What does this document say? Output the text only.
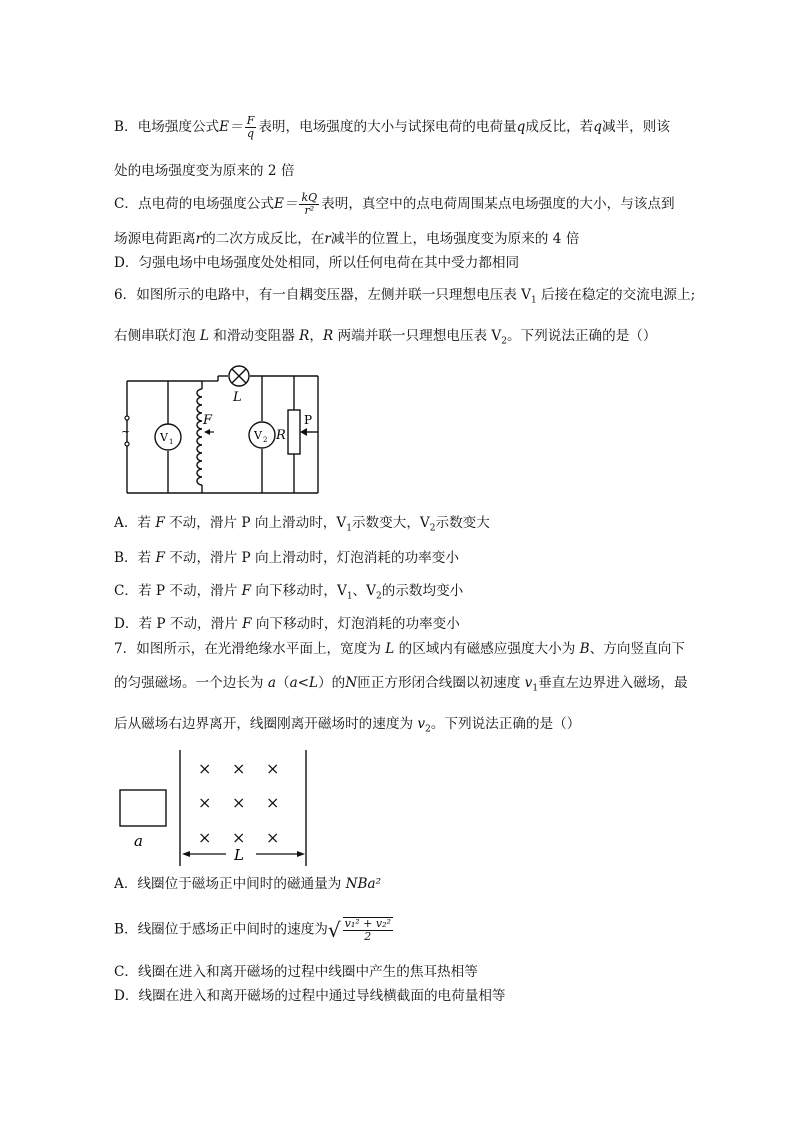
B．电场强度公式$E= \frac{F}{q}$ 表明，电场强度的大小与试探电荷的电荷量q成反比，若q减半，则该
处的电场强度变为原来的 2 倍
C．点电荷的电场强度公式$E= \frac{kQ}{\text{r²}}$ 表明，真空中的点电荷周围某点电场强度的大小，与该点到
场源电荷距离r的二次方成反比，在r减半的位置上，电场强度变为原来的 4 倍
D．匀强电场中电场强度处处相同，所以任何电荷在其中受力都相同
6．如图所示的电路中，有一自耦变压器，左侧并联一只理想电压表 $V_1$ 后接在稳定的交流电源上;
右侧串联灯泡 L 和滑动变阻器 R，R 两端并联一只理想电压表 $V_2$。下列说法正确的是（）
~	V 1	V 2
L
F
R
P
A．若 F 不动，滑片 P 向上滑动时，$V_1$示数变大，$V_2$示数变大
B．若 F 不动，滑片 P 向上滑动时，灯泡消耗的功率变小
C．若 P 不动，滑片 F 向下移动时，$V_1$、$V_2$的示数均变小
D．若 P 不动，滑片 F 向下移动时，灯泡消耗的功率变小
7．如图所示，在光滑绝缘水平面上，宽度为 L 的区域内有磁感应强度大小为 B、方向竖直向下
的匀强磁场。一个边长为 a（a<L）的N匝正方形闭合线圈以初速度 $v_1$垂直左边界进入磁场，最
后从磁场右边界离开，线圈刚离开磁场时的速度为 $v_2$。下列说法正确的是（）
a
× × ×
× × ×
× × ×
L
A．线圈位于磁场正中间时的磁通量为 NBa²
B．线圈位于感场正中间时的速度为√ $\frac{\text{v₁² + v₂²}}{2}$
C．线圈在进入和离开磁场的过程中线圈中产生的焦耳热相等
D．线圈在进入和离开磁场的过程中通过导线横截面的电荷量相等
